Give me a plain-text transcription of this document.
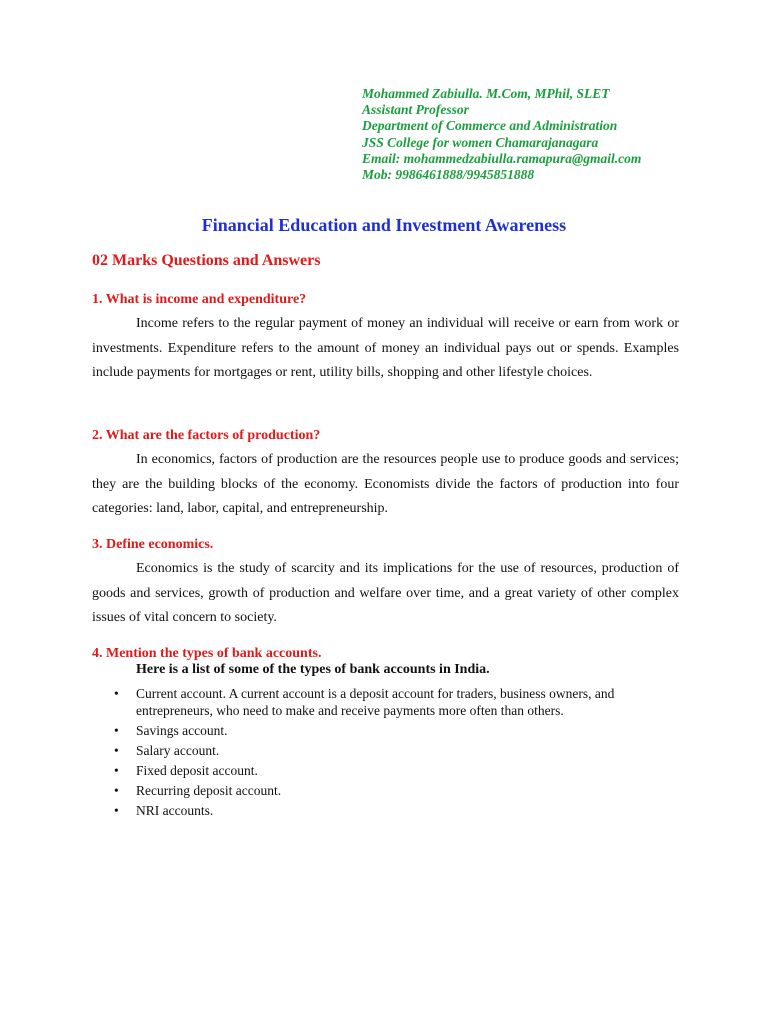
Mohammed Zabiulla. M.Com, MPhil, SLET
Assistant Professor
Department of Commerce and Administration
JSS College for women Chamarajanagara
Email: mohammedzabiulla.ramapura@gmail.com
Mob: 9986461888/9945851888
Financial Education and Investment Awareness
02 Marks Questions and Answers

1. What is income and expenditure?

Income refers to the regular payment of money an individual will receive or earn from work or investments. Expenditure refers to the amount of money an individual pays out or spends. Examples include payments for mortgages or rent, utility bills, shopping and other lifestyle choices.

2. What are the factors of production?

In economics, factors of production are the resources people use to produce goods and services; they are the building blocks of the economy. Economists divide the factors of production into four categories: land, labor, capital, and entrepreneurship.

3. Define economics.

Economics is the study of scarcity and its implications for the use of resources, production of goods and services, growth of production and welfare over time, and a great variety of other complex issues of vital concern to society.

4. Mention the types of bank accounts.

Here is a list of some of the types of bank accounts in India.

• Current account. A current account is a deposit account for traders, business owners, and entrepreneurs, who need to make and receive payments more often than others.
• Savings account.
• Salary account.
• Fixed deposit account.
• Recurring deposit account.
• NRI accounts.
